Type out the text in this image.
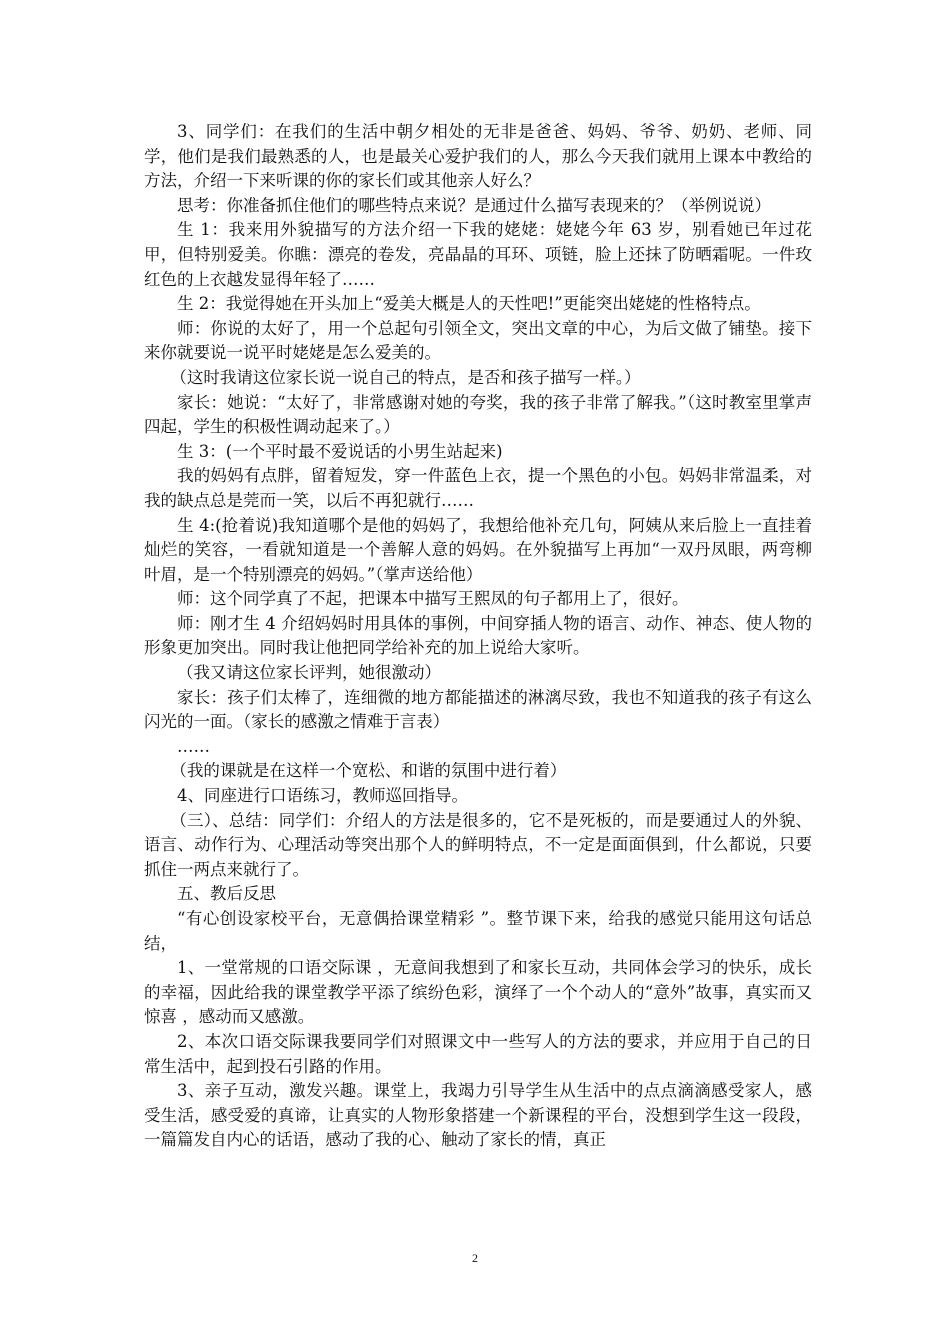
3、同学们：在我们的生活中朝夕相处的无非是爸爸、妈妈、爷爷、奶奶、老师、同学，他们是我们最熟悉的人，也是最关心爱护我们的人，那么今天我们就用上课本中教给的方法，介绍一下来听课的你的家长们或其他亲人好么？

思考：你准备抓住他们的哪些特点来说？是通过什么描写表现来的？（举例说说）

生 1：我来用外貌描写的方法介绍一下我的姥姥：姥姥今年 63 岁，别看她已年过花甲，但特别爱美。你瞧：漂亮的卷发，亮晶晶的耳环、项链，脸上还抹了防晒霜呢。一件玫红色的上衣越发显得年轻了……

生 2：我觉得她在开头加上“爱美大概是人的天性吧!”更能突出姥姥的性格特点。

师：你说的太好了，用一个总起句引领全文，突出文章的中心，为后文做了铺垫。接下来你就要说一说平时姥姥是怎么爱美的。

（这时我请这位家长说一说自己的特点，是否和孩子描写一样。）

家长：她说：“太好了，非常感谢对她的夸奖，我的孩子非常了解我。”（这时教室里掌声四起，学生的积极性调动起来了。）

生 3：(一个平时最不爱说话的小男生站起来)

我的妈妈有点胖，留着短发，穿一件蓝色上衣，提一个黑色的小包。妈妈非常温柔，对我的缺点总是莞而一笑，以后不再犯就行……

生 4:(抢着说)我知道哪个是他的妈妈了，我想给他补充几句，阿姨从来后脸上一直挂着灿烂的笑容，一看就知道是一个善解人意的妈妈。在外貌描写上再加“一双丹凤眼，两弯柳叶眉，是一个特别漂亮的妈妈。”（掌声送给他）

师：这个同学真了不起，把课本中描写王熙凤的句子都用上了，很好。

师：刚才生 4 介绍妈妈时用具体的事例，中间穿插人物的语言、动作、神态、使人物的形象更加突出。同时我让他把同学给补充的加上说给大家听。

（我又请这位家长评判，她很激动）

家长：孩子们太棒了，连细微的地方都能描述的淋漓尽致，我也不知道我的孩子有这么闪光的一面。（家长的感激之情难于言表）

……

（我的课就是在这样一个宽松、和谐的氛围中进行着）

4、同座进行口语练习，教师巡回指导。

（三）、总结：同学们：介绍人的方法是很多的，它不是死板的，而是要通过人的外貌、语言、动作行为、心理活动等突出那个人的鲜明特点，不一定是面面俱到，什么都说，只要抓住一两点来就行了。

五、教后反思

“有心创设家校平台，无意偶拾课堂精彩 ”。整节课下来，给我的感觉只能用这句话总结，

1、一堂常规的口语交际课 ，无意间我想到了和家长互动，共同体会学习的快乐，成长的幸福，因此给我的课堂教学平添了缤纷色彩，演绎了一个个动人的“意外”故事，真实而又惊喜 ，感动而又感激。

2、本次口语交际课我要同学们对照课文中一些写人的方法的要求，并应用于自己的日常生活中，起到投石引路的作用。

3、亲子互动，激发兴趣。课堂上，我竭力引导学生从生活中的点点滴滴感受家人，感受生活，感受爱的真谛，让真实的人物形象搭建一个新课程的平台，没想到学生这一段段，一篇篇发自内心的话语，感动了我的心、触动了家长的情，真正

2
